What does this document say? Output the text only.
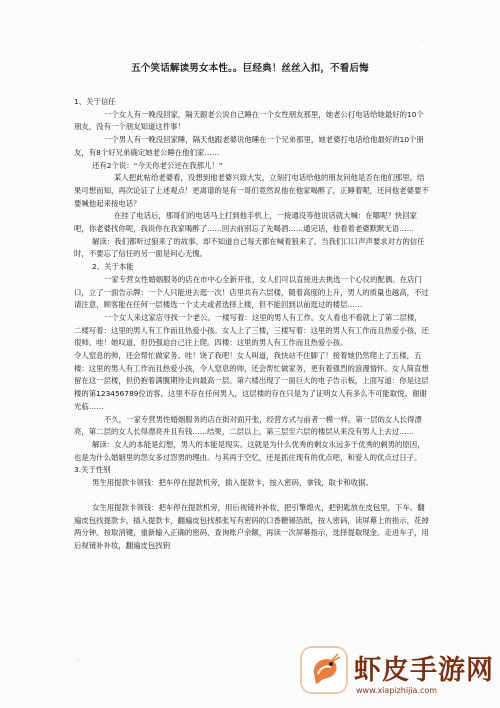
·
五个笑话解读男女本性。。巨经典！丝丝入扣，不看后悔

1、关于信任

一个女人有一晚没回家，隔天跟老公说自己睡在一个女性朋友那里，她老公打电话给她最好的10个朋友，没有一个朋友知道这件事！

一个男人有一晚没回家睡，隔天他跟老婆说他睡在一个兄弟那里，她老婆打电话给他最好的10个朋友，有8个好兄弟确定她老公睡在他们家……

还有2个说：“今天你老公还在我那儿！”

某人把此帖给老婆看，没想到他老婆兴致大发，立刻打电话给他的朋友问他是否在他们那里。结果可想而知，再次论证了上述观点！更离谱的是有一哥们竟然说他在他家喝醉了，正睡着呢，还问他老婆要不要喊他起来接电话？

在挂了电话后，那哥们的电话马上打到他手机上，一接通没等他说话就大喊：在哪呢？快回家吧，你老婆找你呢，我说你在我家喝醉了……回去前别忘了先喝酒……通完话，他看着老婆默默无语……

解读：我们都听过狼来了的故事。却不知道自己每天都在喊着狼来了。当我们口口声声要求对方的信任时，不要忘了信任的另一面是问心无愧。

2、关于本能

一家专营女性婚姻服务的店在市中心全新开张，女人们可以直接进去挑选一个心仪的配偶。在店门口，立了一面告示牌：一个人只能进去逛一次！店里共有六层楼，随着高度的上升，男人的质量也越高，不过请注意，顾客能在任何一层楼选一个丈夫或者选择上楼，但不能回到以前逛过的楼层……

一个女人来这家店寻找一个老公。一楼写着：这里的男人有工作。女人看也不看就上了第二层楼，二楼写着：这里的男人有工作而且热爱小孩。女人上了三楼，三楼写着：这里的男人有工作而且热爱小孩，还很帅。哇！她叹道，但仍强迫自己往上爬。四楼：这里的男人有工作而且热爱小孩。

令人窒息的帅，还会帮忙做家务。哇！饶了我吧！女人叫道，我快站不住脚了！接着她仍然爬上了五楼，五楼：这里的男人有工作而且热爱小孩，令人窒息的帅，还会帮忙做家务，更有着强烈的浪漫情怀。女人简直想留在这一层楼，但仍抱着满腹期待走向最高一层。第六楼出现了一面巨大的电子告示板，上面写道：你是这层楼的第123456789位访客，这里不存在任何男人，这层楼的存在只是为了证明女人有多么不可能取悦。谢谢光临……

不久，一家专营男性婚姻服务的店在街对面开张，经营方式与前者一模一样。第一层的女人长得漂亮，第二层的女人长得漂亮并且有钱……结果，二层以上，第三层至六层的楼层从来没有男人上去过……

解读：女人的本能是幻想，男人的本能是现实。这就是为什么优秀的剩女永远多于优秀的剩男的原因，也是为什么婚姻里的怨女多过怨男的理由。与其再于空忆，还是抓住现有的优点吧，和爱人的优点过日子。

3.关于性别

男生用提款卡领钱：把车停在提款机旁，插入提款卡，按入密码，拿钱，取卡和收据。

女生用提款卡领钱：把车停在提款机旁，用后视镜补补妆，把引擎熄火，把钥匙放在皮包里，下车。翻遍皮包找提款卡，插入提款卡，翻遍皮包找那张写有密码的口香糖锡箔纸，按入密码，读屏幕上的指示，花掉两分钟。按取消键，重新输入正确的密码，查询账户余额，再读一次屏幕指示，选择提取现金。走进车子，用后视镜补补妆，翻遍皮包找钥

..	虾皮手游网
www.xiapizhijia.com
